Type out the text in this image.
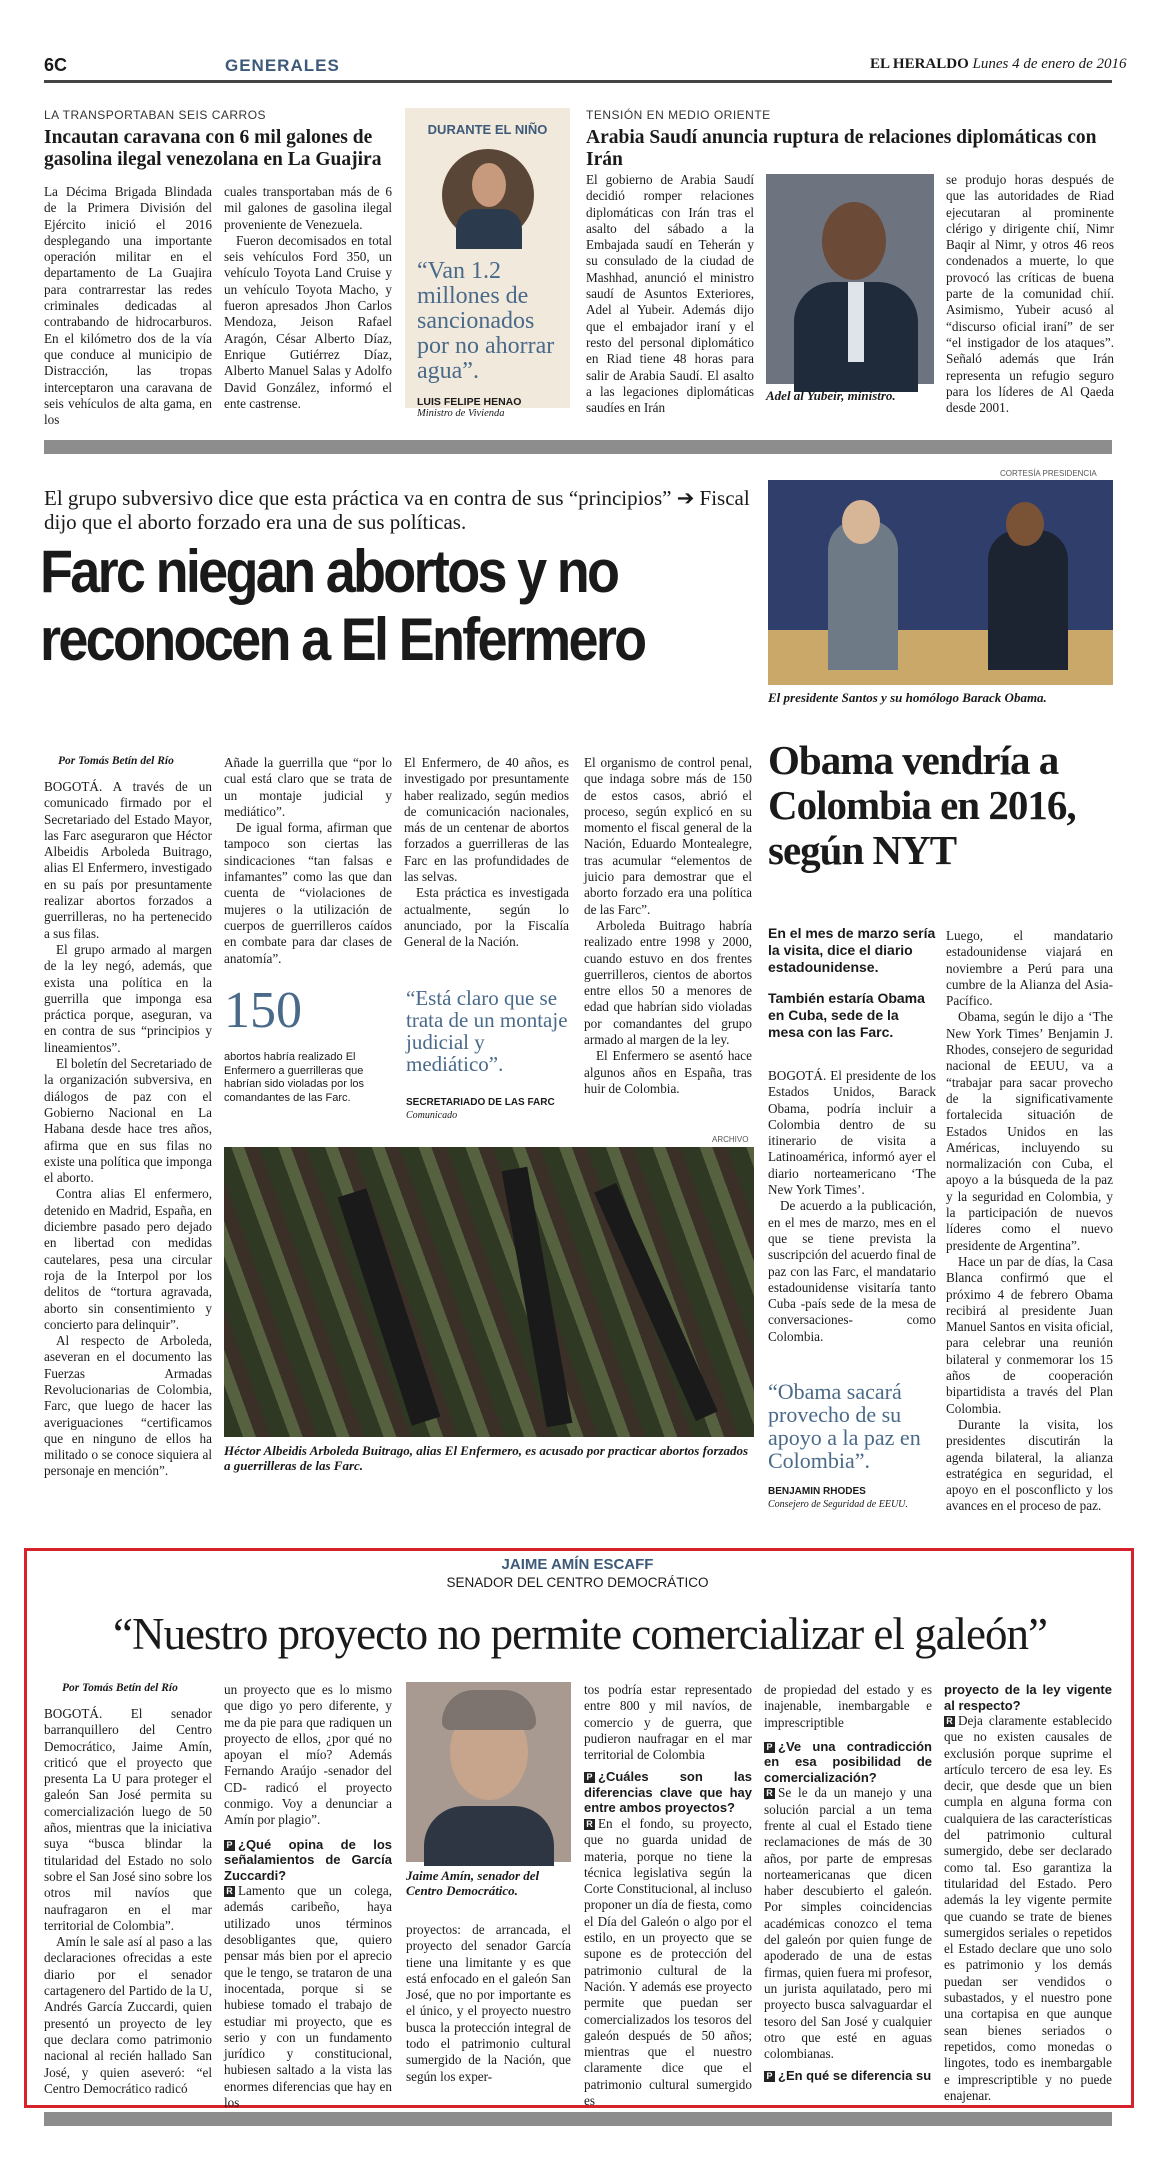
6C	GENERALES	EL HERALDO Lunes 4 de enero de 2016
LA TRANSPORTABAN SEIS CARROS
Incautan caravana con 6 mil galones de gasolina ilegal venezolana en La Guajira

La Décima Brigada Blindada de la Primera División del Ejército inició el 2016 desplegando una importante operación militar en el departamento de La Guajira para contrarrestar las redes criminales dedicadas al contrabando de hidrocarburos. En el kilómetro dos de la vía que conduce al municipio de Distracción, las tropas interceptaron una caravana de seis vehículos de alta gama, en los

cuales transportaban más de 6 mil galones de gasolina ilegal proveniente de Venezuela.

Fueron decomisados en total seis vehículos Ford 350, un vehículo Toyota Land Cruise y un vehículo Toyota Macho, y fueron apresados Jhon Carlos Mendoza, Jeison Rafael Aragón, César Alberto Díaz, Enrique Gutiérrez Díaz, Alberto Manuel Salas y Adolfo David González, informó el ente castrense.

DURANTE EL NIÑO
“Van 1.2 millones de sancionados por no ahorrar agua”.
LUIS FELIPE HENAO
Ministro de Vivienda
TENSIÓN EN MEDIO ORIENTE
Arabia Saudí anuncia ruptura de relaciones diplomáticas con Irán

El gobierno de Arabia Saudí decidió romper relaciones diplomáticas con Irán tras el asalto del sábado a la Embajada saudí en Teherán y su consulado de la ciudad de Mashhad, anunció el ministro saudí de Asuntos Exteriores, Adel al Yubeir. Además dijo que el embajador iraní y el resto del personal diplomático en Riad tiene 48 horas para salir de Arabia Saudí. El asalto a las legaciones diplomáticas saudíes en Irán

Adel al Yubeir, ministro.

se produjo horas después de que las autoridades de Riad ejecutaran al prominente clérigo y dirigente chií, Nimr Baqir al Nimr, y otros 46 reos condenados a muerte, lo que provocó las críticas de buena parte de la comunidad chií. Asimismo, Yubeir acusó al “discurso oficial iraní” de ser “el instigador de los ataques”. Señaló además que Irán representa un refugio seguro para los líderes de Al Qaeda desde 2001.

El grupo subversivo dice que esta práctica va en contra de sus “principios” ➔ Fiscal dijo que el aborto forzado era una de sus políticas.
Farc niegan abortos y no reconocen a El Enfermero
Por Tomás Betín del Río

BOGOTÁ. A través de un comunicado firmado por el Secretariado del Estado Mayor, las Farc aseguraron que Héctor Albeidis Arboleda Buitrago, alias El Enfermero, investigado en su país por presuntamente realizar abortos forzados a guerrilleras, no ha pertenecido a sus filas.

El grupo armado al margen de la ley negó, además, que exista una política en la guerrilla que imponga esa práctica porque, aseguran, va en contra de sus “principios y lineamientos”.

El boletín del Secretariado de la organización subversiva, en diálogos de paz con el Gobierno Nacional en La Habana desde hace tres años, afirma que en sus filas no existe una política que imponga el aborto.

Contra alias El enfermero, detenido en Madrid, España, en diciembre pasado pero dejado en libertad con medidas cautelares, pesa una circular roja de la Interpol por los delitos de “tortura agravada, aborto sin consentimiento y concierto para delinquir”.

Al respecto de Arboleda, aseveran en el documento las Fuerzas Armadas Revolucionarias de Colombia, Farc, que luego de hacer las averiguaciones “certificamos que en ninguno de ellos ha militado o se conoce siquiera al personaje en mención”.

Añade la guerrilla que “por lo cual está claro que se trata de un montaje judicial y mediático”.

De igual forma, afirman que tampoco son ciertas las sindicaciones “tan falsas e infamantes” como las que dan cuenta de “violaciones de mujeres o la utilización de cuerpos de guerrilleros caídos en combate para dar clases de anatomía”.

El Enfermero, de 40 años, es investigado por presuntamente haber realizado, según medios de comunicación nacionales, más de un centenar de abortos forzados a guerrilleras de las Farc en las profundidades de las selvas.

Esta práctica es investigada actualmente, según lo anunciado, por la Fiscalía General de la Nación.

El organismo de control penal, que indaga sobre más de 150 de estos casos, abrió el proceso, según explicó en su momento el fiscal general de la Nación, Eduardo Montealegre, tras acumular “elementos de juicio para demostrar que el aborto forzado era una política de las Farc”.

Arboleda Buitrago habría realizado entre 1998 y 2000, cuando estuvo en dos frentes guerrilleros, cientos de abortos entre ellos 50 a menores de edad que habrían sido violadas por comandantes del grupo armado al margen de la ley.

El Enfermero se asentó hace algunos años en España, tras huir de Colombia.

150
abortos habría realizado El Enfermero a guerrilleras que habrían sido violadas por los comandantes de las Farc.
“Está claro que se trata de un montaje judicial y mediático”.
SECRETARIADO DE LAS FARC
Comunicado
ARCHIVO
Héctor Albeidis Arboleda Buitrago, alias El Enfermero, es acusado por practicar abortos forzados a guerrilleras de las Farc.
CORTESÍA PRESIDENCIA
El presidente Santos y su homólogo Barack Obama.
Obama vendría a Colombia en 2016, según NYT
En el mes de marzo sería la visita, dice el diario estadounidense.
También estaría Obama en Cuba, sede de la mesa con las Farc.

BOGOTÁ. El presidente de los Estados Unidos, Barack Obama, podría incluir a Colombia dentro de su itinerario de visita a Latinoamérica, informó ayer el diario norteamericano ‘The New York Times’.

De acuerdo a la publicación, en el mes de marzo, mes en el que se tiene prevista la suscripción del acuerdo final de paz con las Farc, el mandatario estadounidense visitaría tanto Cuba -país sede de la mesa de conversaciones- como Colombia.

“Obama sacará provecho de su apoyo a la paz en Colombia”.
BENJAMIN RHODES
Consejero de Seguridad de EEUU.

Luego, el mandatario estadounidense viajará en noviembre a Perú para una cumbre de la Alianza del Asia-Pacífico.

Obama, según le dijo a ‘The New York Times’ Benjamin J. Rhodes, consejero de seguridad nacional de EEUU, va a “trabajar para sacar provecho de la significativamente fortalecida situación de Estados Unidos en las Américas, incluyendo su normalización con Cuba, el apoyo a la búsqueda de la paz y la seguridad en Colombia, y la participación de nuevos líderes como el nuevo presidente de Argentina”.

Hace un par de días, la Casa Blanca confirmó que el próximo 4 de febrero Obama recibirá al presidente Juan Manuel Santos en visita oficial, para celebrar una reunión bilateral y conmemorar los 15 años de cooperación bipartidista a través del Plan Colombia.

Durante la visita, los presidentes discutirán la agenda bilateral, la alianza estratégica en seguridad, el apoyo en el posconflicto y los avances en el proceso de paz.

JAIME AMÍN ESCAFF
SENADOR DEL CENTRO DEMOCRÁTICO
“Nuestro proyecto no permite comercializar el galeón”
Por Tomás Betín del Río

BOGOTÁ. El senador barranquillero del Centro Democrático, Jaime Amín, criticó que el proyecto que presenta La U para proteger el galeón San José permita su comercialización luego de 50 años, mientras que la iniciativa suya “busca blindar la titularidad del Estado no solo sobre el San José sino sobre los otros mil navíos que naufragaron en el mar territorial de Colombia”.

Amín le sale así al paso a las declaraciones ofrecidas a este diario por el senador cartagenero del Partido de la U, Andrés García Zuccardi, quien presentó un proyecto de ley que declara como patrimonio nacional al recién hallado San José, y quien aseveró: “el Centro Democrático radicó

un proyecto que es lo mismo que digo yo pero diferente, y me da pie para que radiquen un proyecto de ellos, ¿por qué no apoyan el mío? Además Fernando Araújo -senador del CD- radicó el proyecto conmigo. Voy a denunciar a Amín por plagio”.

P ¿Qué opina de los señalamientos de García Zuccardi?

R Lamento que un colega, además caribeño, haya utilizado unos términos desobligantes que, quiero pensar más bien por el aprecio que le tengo, se trataron de una inocentada, porque si se hubiese tomado el trabajo de estudiar mi proyecto, que es serio y con un fundamento jurídico y constitucional, hubiesen saltado a la vista las enormes diferencias que hay en los

Jaime Amín, senador del Centro Democrático.

proyectos: de arrancada, el proyecto del senador García tiene una limitante y es que está enfocado en el galeón San José, que no por importante es el único, y el proyecto nuestro busca la protección integral de todo el patrimonio cultural sumergido de la Nación, que según los exper-

tos podría estar representado entre 800 y mil navíos, de comercio y de guerra, que pudieron naufragar en el mar territorial de Colombia

P ¿Cuáles son las diferencias clave que hay entre ambos proyectos?

R En el fondo, su proyecto, que no guarda unidad de materia, porque no tiene la técnica legislativa según la Corte Constitucional, al incluso proponer un día de fiesta, como el Día del Galeón o algo por el estilo, en un proyecto que se supone es de protección del patrimonio cultural de la Nación. Y además ese proyecto permite que puedan ser comercializados los tesoros del galeón después de 50 años; mientras que el nuestro claramente dice que el patrimonio cultural sumergido es

de propiedad del estado y es inajenable, inembargable e imprescriptible

P ¿Ve una contradicción en esa posibilidad de comercialización?

R Se le da un manejo y una solución parcial a un tema frente al cual el Estado tiene reclamaciones de más de 30 años, por parte de empresas norteamericanas que dicen haber descubierto el galeón. Por simples coincidencias académicas conozco el tema del galeón por quien funge de apoderado de una de estas firmas, quien fuera mi profesor, un jurista aquilatado, pero mi proyecto busca salvaguardar el tesoro del San José y cualquier otro que esté en aguas colombianas.

P ¿En qué se diferencia su
proyecto de la ley vigente al respecto?

R Deja claramente establecido que no existen causales de exclusión porque suprime el artículo tercero de esa ley. Es decir, que desde que un bien cumpla en alguna forma con cualquiera de las características del patrimonio cultural sumergido, debe ser declarado como tal. Eso garantiza la titularidad del Estado. Pero además la ley vigente permite que cuando se trate de bienes sumergidos seriales o repetidos el Estado declare que uno solo es patrimonio y los demás puedan ser vendidos o subastados, y el nuestro pone una cortapisa en que aunque sean bienes seriados o repetidos, como monedas o lingotes, todo es inembargable e imprescriptible y no puede enajenar.
